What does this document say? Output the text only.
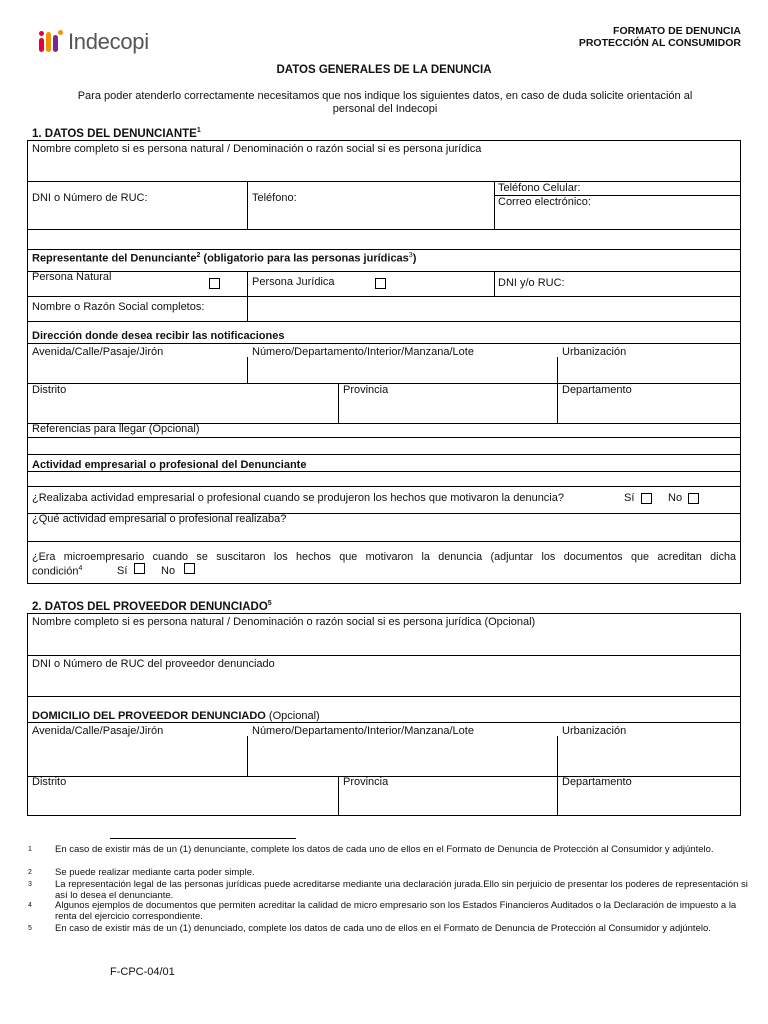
Indecopi	FORMATO DE DENUNCIA
PROTECCIÓN AL CONSUMIDOR
DATOS GENERALES DE LA DENUNCIA
Para poder atenderlo correctamente necesitamos que nos indique los siguientes datos, en caso de duda solicite orientación al
personal del Indecopi
1. DATOS DEL DENUNCIANTE$^1$
Nombre completo si es persona natural / Denominación o razón social si es persona jurídica
DNI o Número de RUC:	Teléfono:
Teléfono Celular:
Correo electrónico:
Representante del Denunciante$^2$ (obligatorio para las personas jurídicas$^3$)
Persona Natural	Persona Jurídica	DNI y/o RUC:
Nombre o Razón Social completos:
Dirección donde desea recibir las notificaciones
Avenida/Calle/Pasaje/Jirón	Número/Departamento/Interior/Manzana/Lote	Urbanización
Distrito	Provincia	Departamento
Referencias para llegar (Opcional)
Actividad empresarial o profesional del Denunciante
¿Realizaba actividad empresarial o profesional cuando se produjeron los hechos que motivaron la denuncia?	Sí	No
¿Qué actividad empresarial o profesional realizaba?
¿Era microempresario cuando se suscitaron los hechos que motivaron la denuncia (adjuntar los documentos que acreditan dicha
condición$^4$	Sí	No
2. DATOS DEL PROVEEDOR DENUNCIADO$^5$
Nombre completo si es persona natural / Denominación o razón social si es persona jurídica (Opcional)
DNI o Número de RUC del proveedor denunciado
DOMICILIO DEL PROVEEDOR DENUNCIADO (Opcional)
Avenida/Calle/Pasaje/Jirón	Número/Departamento/Interior/Manzana/Lote	Urbanización
Distrito	Provincia	Departamento
1 En caso de existir más de un (1) denunciante, complete los datos de cada uno de ellos en el Formato de Denuncia de Protección al Consumidor y adjúntelo.
2 Se puede realizar mediante carta poder simple.
3 La representación legal de las personas jurídicas puede acreditarse mediante una declaración jurada.Ello sin perjuicio de presentar los poderes de representación si así lo desea el denunciante.
4 Algunos ejemplos de documentos que permiten acreditar la calidad de micro empresario son los Estados Financieros Auditados o la Declaración de impuesto a la renta del ejercicio correspondiente.
5 En caso de existir más de un (1) denunciado, complete los datos de cada uno de ellos en el Formato de Denuncia de Protección al Consumidor y adjúntelo.
F-CPC-04/01
